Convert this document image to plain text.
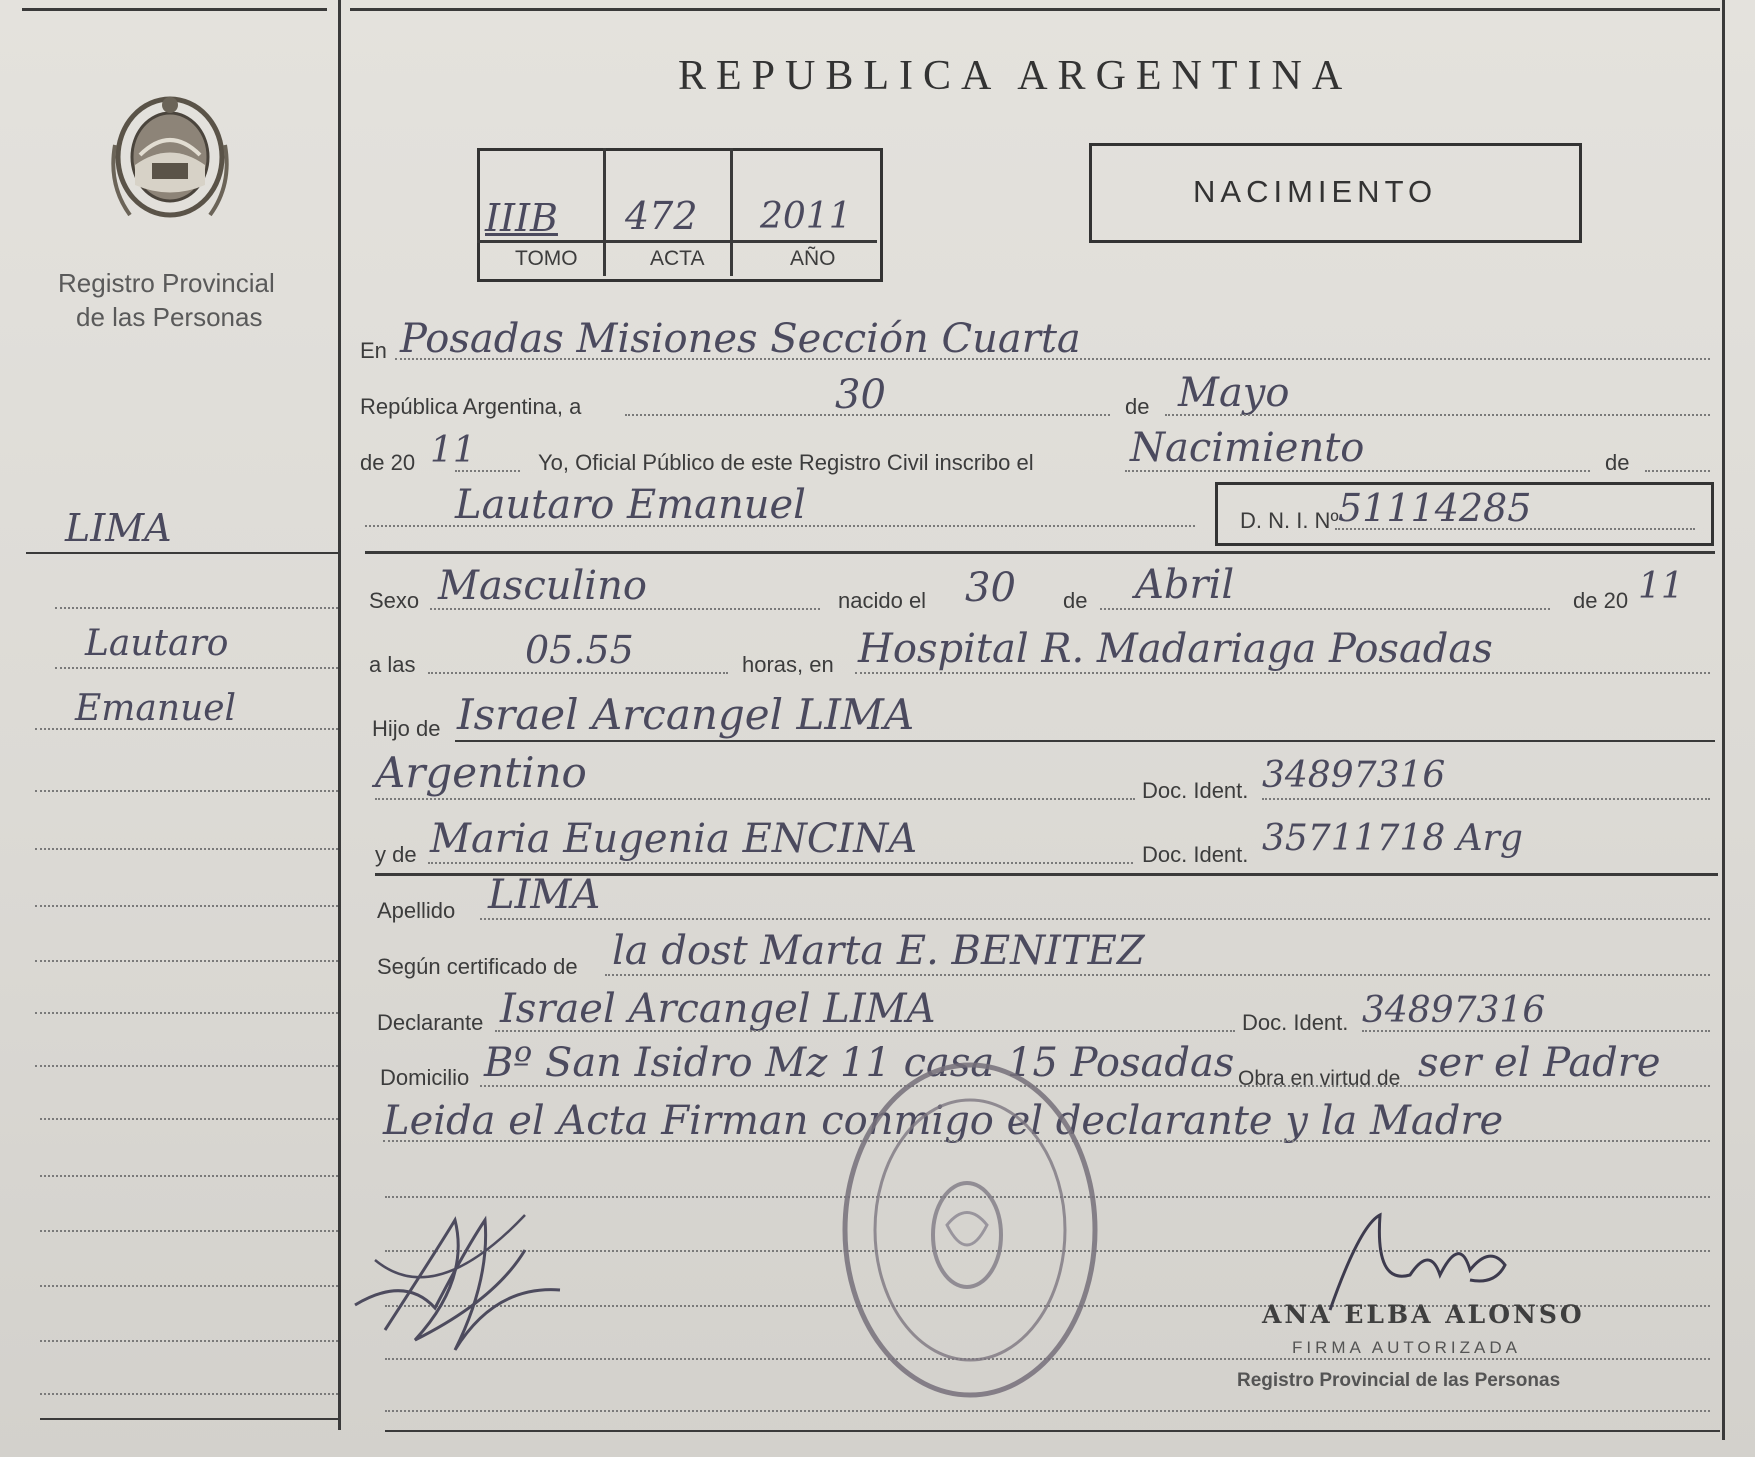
Registro Provincial
de las Personas
REPUBLICA ARGENTINA
IIIB 472 2011
TOMO	ACTA	AÑO
NACIMIENTO
LIMA
Lautaro
Emanuel
En Posadas Misiones Sección Cuarta
República Argentina, a	30	de Mayo
de 20 11	Yo, Oficial Público de este Registro Civil inscribo el Nacimiento	de
Lautaro Emanuel	D. N. I. Nº 51114285
Sexo Masculino	nacido el 30 de Abril	de 20 11
a las	05.55	horas, en Hospital R. Madariaga Posadas
Hijo de Israel Arcangel LIMA
Argentino	Doc. Ident. 34897316
y de Maria Eugenia ENCINA	Doc. Ident. 35711718 Arg
Apellido LIMA
Según certificado de la dost Marta E. BENITEZ
Declarante Israel Arcangel LIMA	Doc. Ident. 34897316
Domicilio Bº San Isidro Mz 11 casa 15 Posadas Obra en virtud de ser el Padre
Leida el Acta Firman conmigo el declarante y la Madre
ANA ELBA ALONSO
FIRMA AUTORIZADA
Registro Provincial de las Personas
